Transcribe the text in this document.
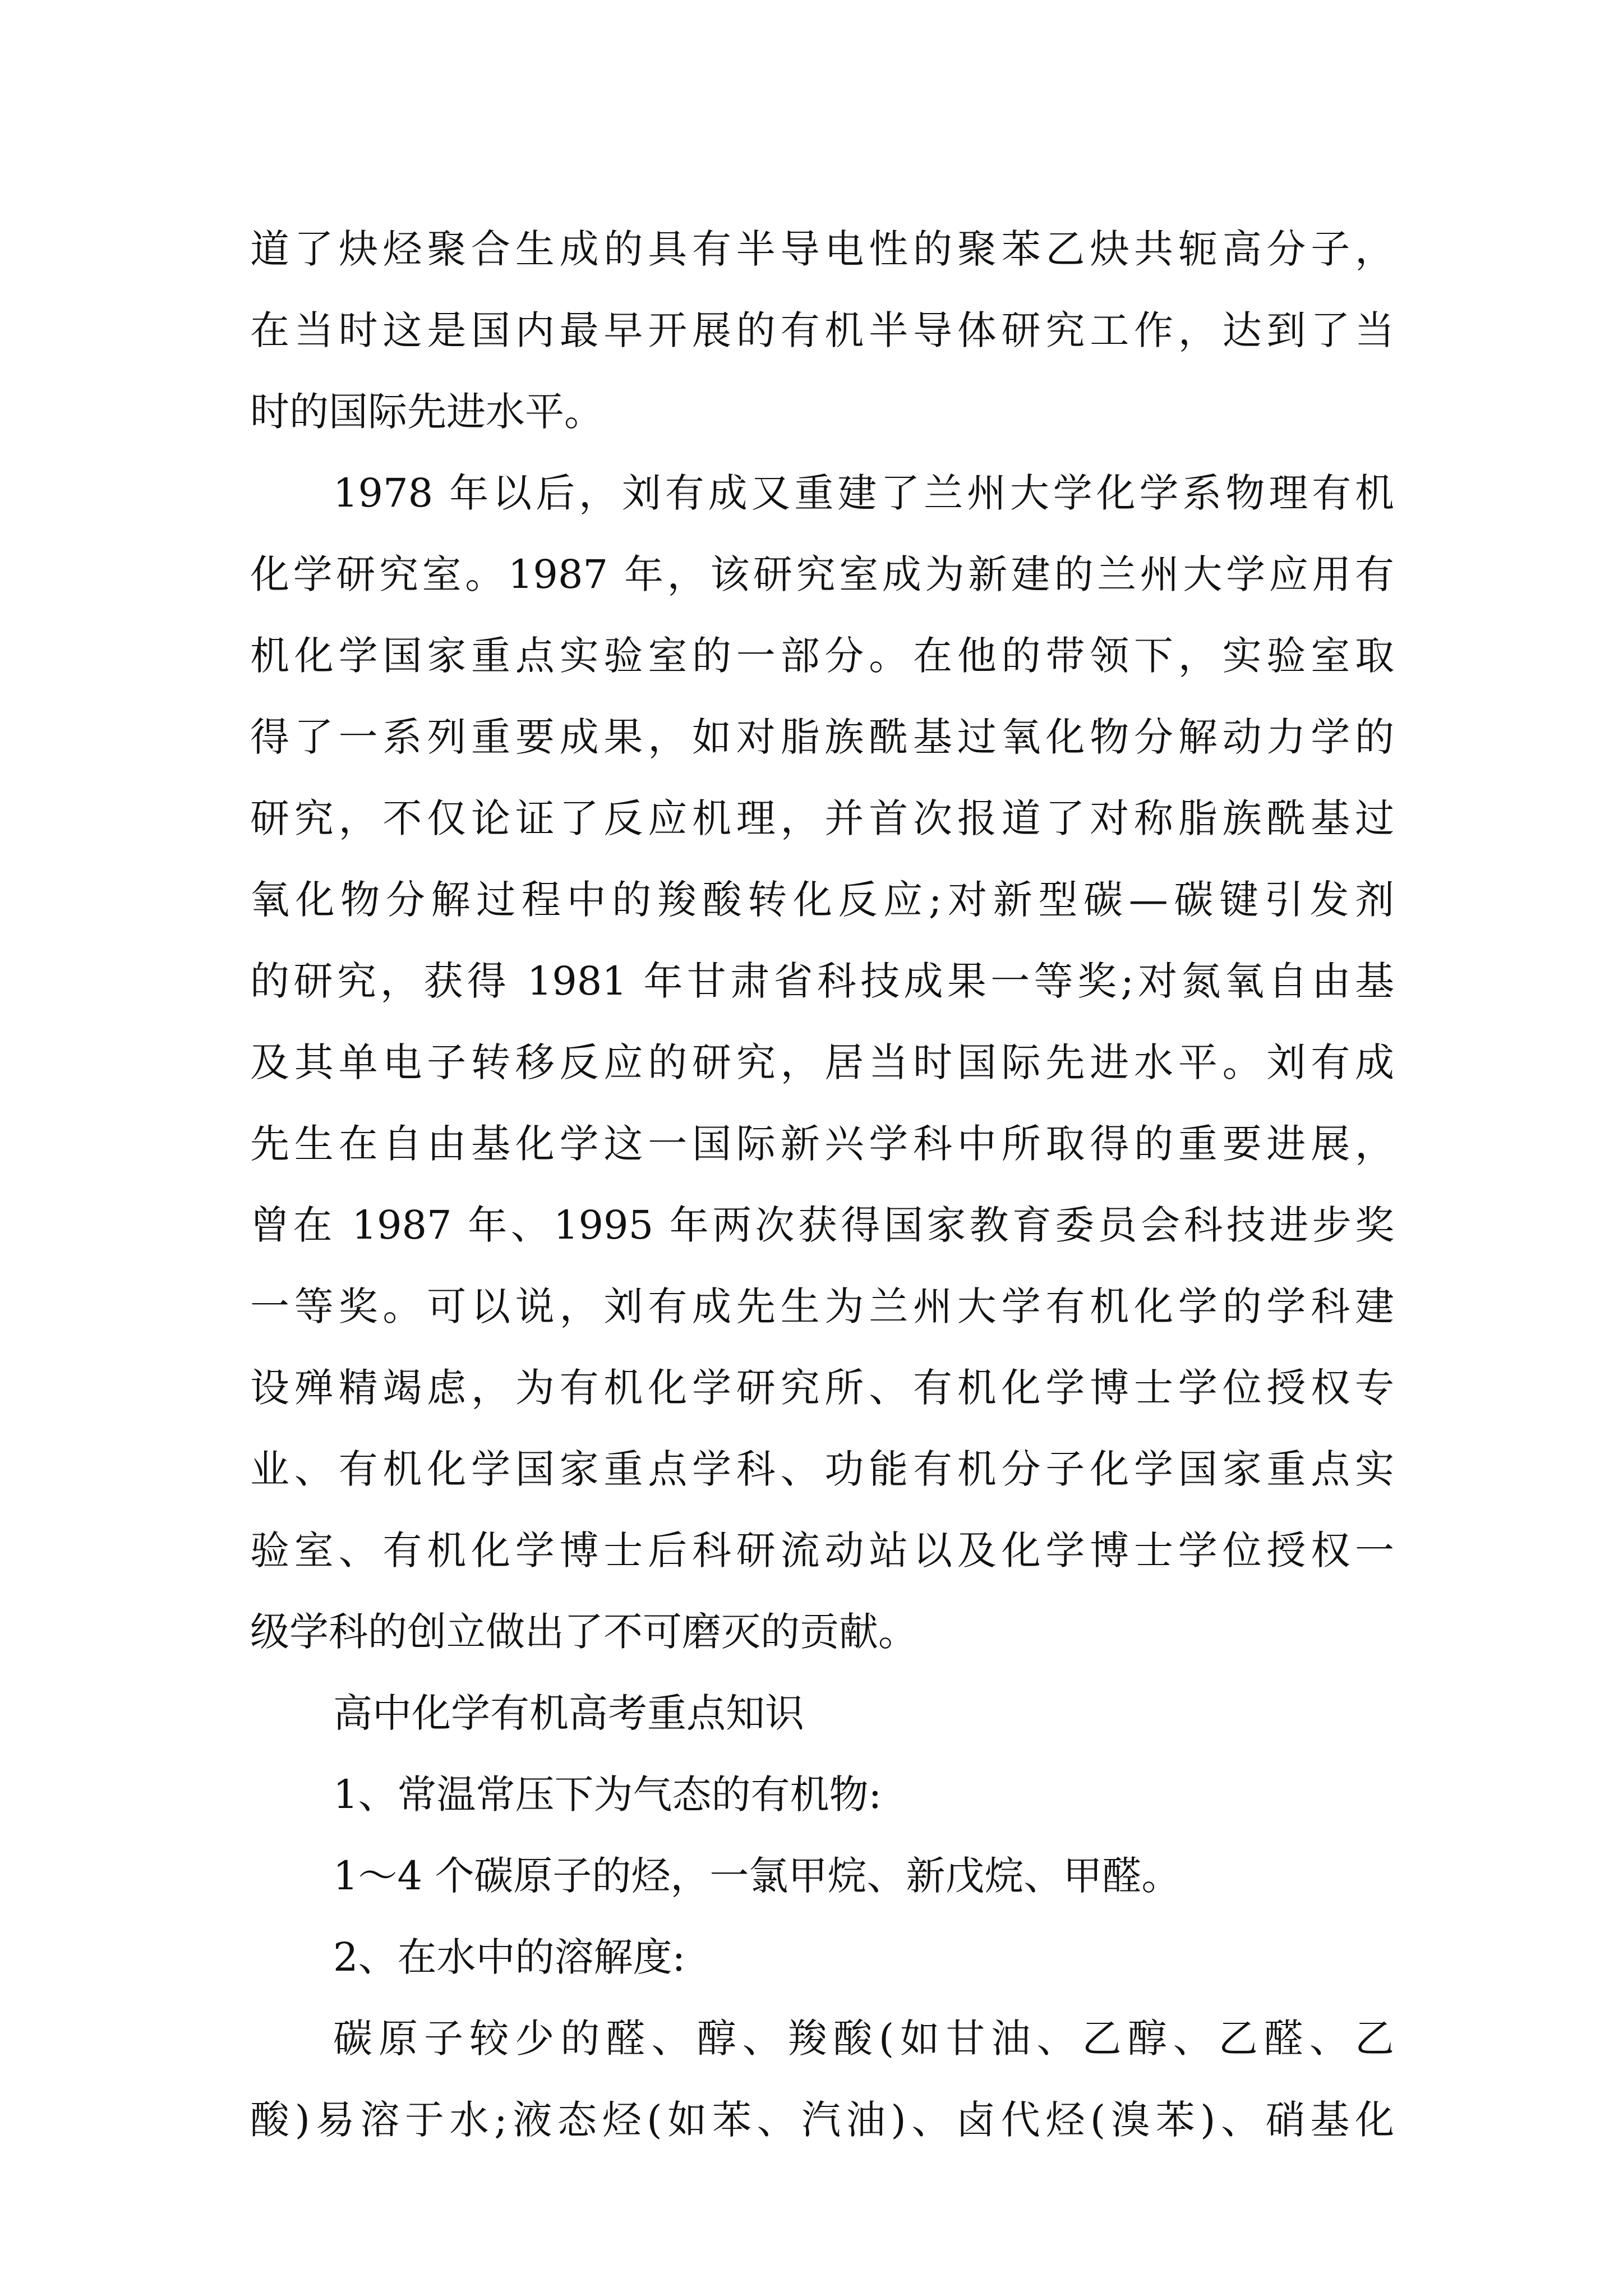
道了炔烃聚合生成的具有半导电性的聚苯乙炔共轭高分子，
在当时这是国内最早开展的有机半导体研究工作，达到了当
时的国际先进水平。
1978 年以后，刘有成又重建了兰州大学化学系物理有机
化学研究室。1987 年，该研究室成为新建的兰州大学应用有
机化学国家重点实验室的一部分。在他的带领下，实验室取
得了一系列重要成果，如对脂族酰基过氧化物分解动力学的
研究，不仅论证了反应机理，并首次报道了对称脂族酰基过
氧化物分解过程中的羧酸转化反应;对新型碳—碳键引发剂
的研究，获得 1981 年甘肃省科技成果一等奖;对氮氧自由基
及其单电子转移反应的研究，居当时国际先进水平。刘有成
先生在自由基化学这一国际新兴学科中所取得的重要进展，
曾在 1987 年、1995 年两次获得国家教育委员会科技进步奖
一等奖。可以说，刘有成先生为兰州大学有机化学的学科建
设殚精竭虑，为有机化学研究所、有机化学博士学位授权专
业、有机化学国家重点学科、功能有机分子化学国家重点实
验室、有机化学博士后科研流动站以及化学博士学位授权一
级学科的创立做出了不可磨灭的贡献。
高中化学有机高考重点知识
1、常温常压下为气态的有机物:
1～4 个碳原子的烃，一氯甲烷、新戊烷、甲醛。
2、在水中的溶解度:
碳原子较少的醛、醇、羧酸(如甘油、乙醇、乙醛、乙
酸)易溶于水;液态烃(如苯、汽油)、卤代烃(溴苯)、硝基化
